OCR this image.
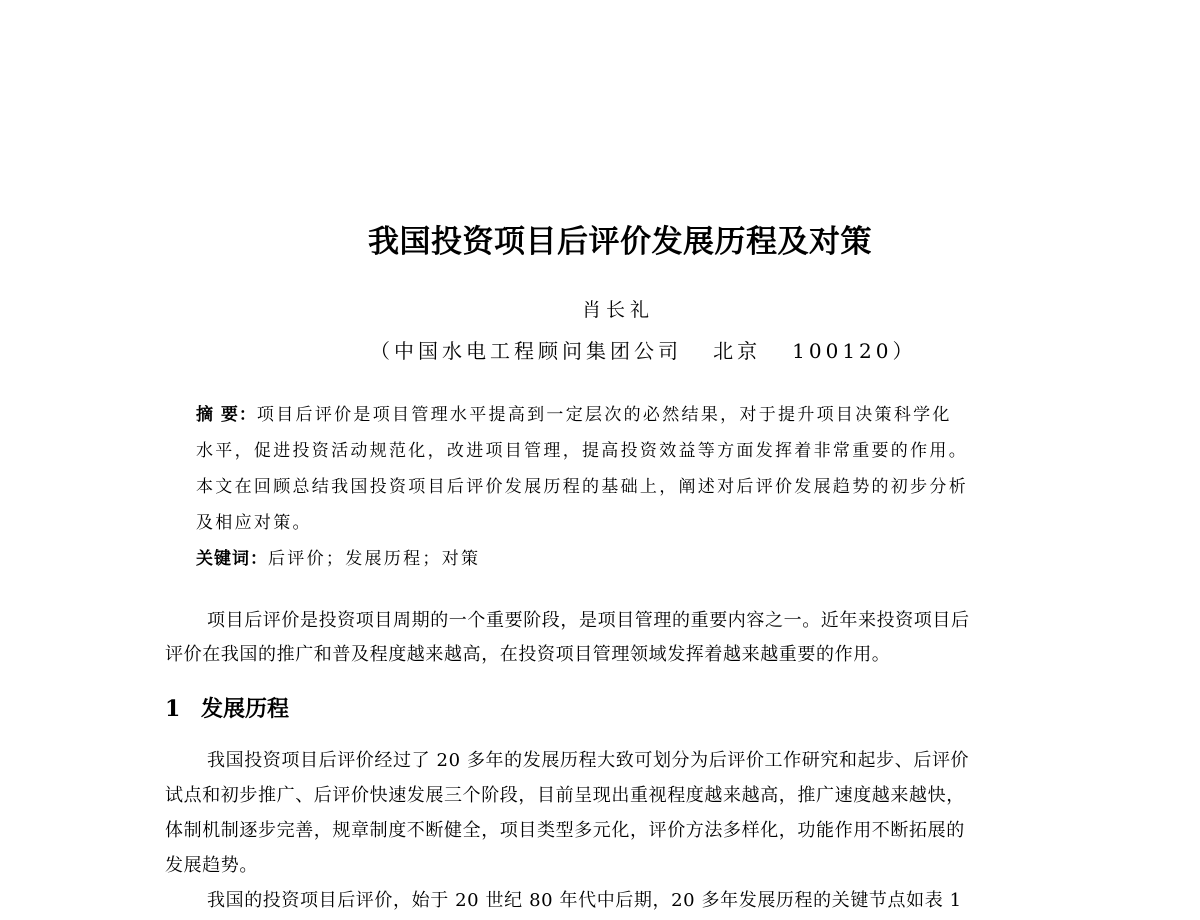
我国投资项目后评价发展历程及对策
肖长礼
（中国水电工程顾问集团公司   北京   100120）
摘 要：项目后评价是项目管理水平提高到一定层次的必然结果，对于提升项目决策科学化
水平，促进投资活动规范化，改进项目管理，提高投资效益等方面发挥着非常重要的作用。
本文在回顾总结我国投资项目后评价发展历程的基础上，阐述对后评价发展趋势的初步分析
及相应对策。
关键词：后评价；发展历程；对策
项目后评价是投资项目周期的一个重要阶段，是项目管理的重要内容之一。近年来投资项目后
评价在我国的推广和普及程度越来越高，在投资项目管理领域发挥着越来越重要的作用。
1 发展历程
我国投资项目后评价经过了 20 多年的发展历程大致可划分为后评价工作研究和起步、后评价
试点和初步推广、后评价快速发展三个阶段，目前呈现出重视程度越来越高，推广速度越来越快，
体制机制逐步完善，规章制度不断健全，项目类型多元化，评价方法多样化，功能作用不断拓展的
发展趋势。
我国的投资项目后评价，始于 20 世纪 80 年代中后期，20 多年发展历程的关键节点如表 1
